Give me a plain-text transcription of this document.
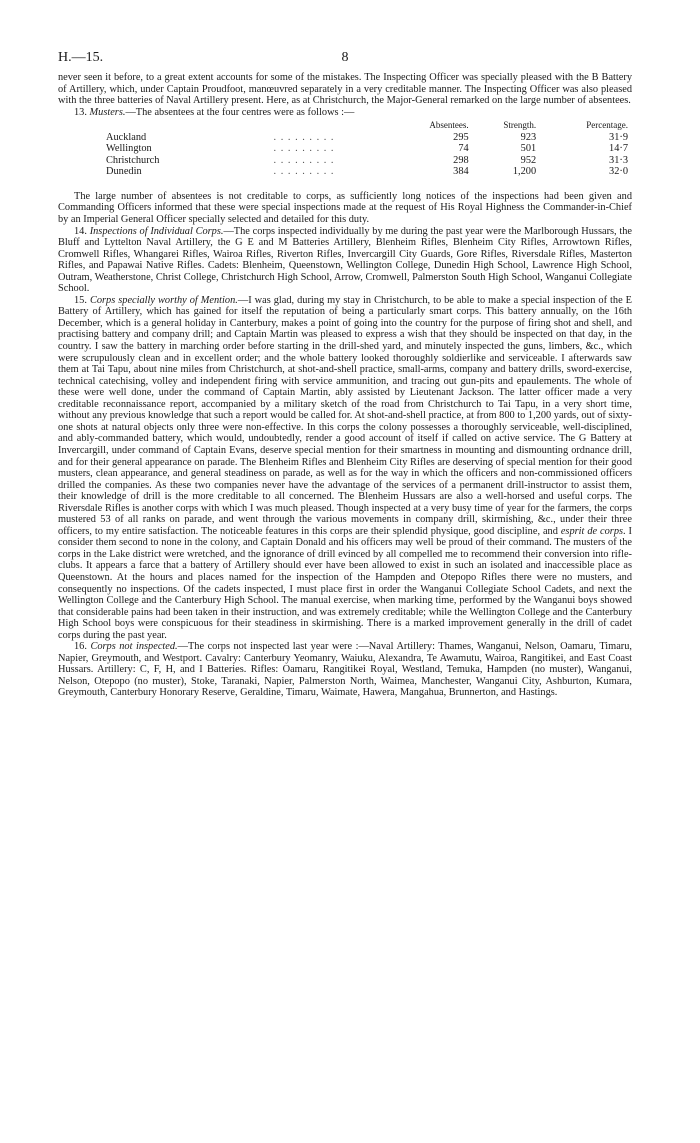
H.—15.	8

never seen it before, to a great extent accounts for some of the mistakes. The Inspecting Officer was specially pleased with the B Battery of Artillery, which, under Captain Proudfoot, manœuvred separately in a very creditable manner. The Inspecting Officer was also pleased with the three batteries of Naval Artillery present. Here, as at Christchurch, the Major-General remarked on the large number of absentees.

13. Musters.—The absentees at the four centres were as follows :—

		Absentees.	Strength.	Percentage.
Auckland	. . . . . . . . .	295	923	31·9
Wellington	. . . . . . . . .	74	501	14·7
Christchurch	. . . . . . . . .	298	952	31·3
Dunedin	. . . . . . . . .	384	1,200	32·0

The large number of absentees is not creditable to corps, as sufficiently long notices of the inspections had been given and Commanding Officers informed that these were special inspections made at the request of His Royal Highness the Commander-in-Chief by an Imperial General Officer specially selected and detailed for this duty.

14. Inspections of Individual Corps.—The corps inspected individually by me during the past year were the Marlborough Hussars, the Bluff and Lyttelton Naval Artillery, the G E and M Batteries Artillery, Blenheim Rifles, Blenheim City Rifles, Arrowtown Rifles, Cromwell Rifles, Whangarei Rifles, Wairoa Rifles, Riverton Rifles, Invercargill City Guards, Gore Rifles, Riversdale Rifles, Masterton Rifles, and Papawai Native Rifles. Cadets: Blenheim, Queenstown, Wellington College, Dunedin High School, Lawrence High School, Outram, Weatherstone, Christ College, Christchurch High School, Arrow, Cromwell, Palmerston South High School, Wanganui Collegiate School.

15. Corps specially worthy of Mention.—I was glad, during my stay in Christchurch, to be able to make a special inspection of the E Battery of Artillery, which has gained for itself the reputation of being a particularly smart corps. This battery annually, on the 16th December, which is a general holiday in Canterbury, makes a point of going into the country for the purpose of firing shot and shell, and practising battery and company drill; and Captain Martin was pleased to express a wish that they should be inspected on that day, in the country. I saw the battery in marching order before starting in the drill-shed yard, and minutely inspected the guns, limbers, &c., which were scrupulously clean and in excellent order; and the whole battery looked thoroughly soldierlike and serviceable. I afterwards saw them at Tai Tapu, about nine miles from Christchurch, at shot-and-shell practice, small-arms, company and battery drills, sword-exercise, technical catechising, volley and independent firing with service ammunition, and tracing out gun-pits and epaulements. The whole of these were well done, under the command of Captain Martin, ably assisted by Lieutenant Jackson. The latter officer made a very creditable reconnaissance report, accompanied by a military sketch of the road from Christchurch to Tai Tapu, in a very short time, without any previous knowledge that such a report would be called for. At shot-and-shell practice, at from 800 to 1,200 yards, out of sixty-one shots at natural objects only three were non-effective. In this corps the colony possesses a thoroughly serviceable, well-disciplined, and ably-commanded battery, which would, undoubtedly, render a good account of itself if called on active service. The G Battery at Invercargill, under command of Captain Evans, deserve special mention for their smartness in mounting and dismounting ordnance drill, and for their general appearance on parade. The Blenheim Rifles and Blenheim City Rifles are deserving of special mention for their good musters, clean appearance, and general steadiness on parade, as well as for the way in which the officers and non-commissioned officers drilled the companies. As these two companies never have the advantage of the services of a permanent drill-instructor to assist them, their knowledge of drill is the more creditable to all concerned. The Blenheim Hussars are also a well-horsed and useful corps. The Riversdale Rifles is another corps with which I was much pleased. Though inspected at a very busy time of year for the farmers, the corps mustered 53 of all ranks on parade, and went through the various movements in company drill, skirmishing, &c., under their three officers, to my entire satisfaction. The noticeable features in this corps are their splendid physique, good discipline, and esprit de corps. I consider them second to none in the colony, and Captain Donald and his officers may well be proud of their command. The musters of the corps in the Lake district were wretched, and the ignorance of drill evinced by all compelled me to recommend their conversion into rifle-clubs. It appears a farce that a battery of Artillery should ever have been allowed to exist in such an isolated and inaccessible place as Queenstown. At the hours and places named for the inspection of the Hampden and Otepopo Rifles there were no musters, and consequently no inspections. Of the cadets inspected, I must place first in order the Wanganui Collegiate School Cadets, and next the Wellington College and the Canterbury High School. The manual exercise, when marking time, performed by the Wanganui boys showed that considerable pains had been taken in their instruction, and was extremely creditable; while the Wellington College and the Canterbury High School boys were conspicuous for their steadiness in skirmishing. There is a marked improvement generally in the drill of cadet corps during the past year.

16. Corps not inspected.—The corps not inspected last year were :—Naval Artillery: Thames, Wanganui, Nelson, Oamaru, Timaru, Napier, Greymouth, and Westport. Cavalry: Canterbury Yeomanry, Waiuku, Alexandra, Te Awamutu, Wairoa, Rangitikei, and East Coast Hussars. Artillery: C, F, H, and I Batteries. Rifles: Oamaru, Rangitikei Royal, Westland, Temuka, Hampden (no muster), Wanganui, Nelson, Otepopo (no muster), Stoke, Taranaki, Napier, Palmerston North, Waimea, Manchester, Wanganui City, Ashburton, Kumara, Greymouth, Canterbury Honorary Reserve, Geraldine, Timaru, Waimate, Hawera, Mangahua, Brunnerton, and Hastings.
